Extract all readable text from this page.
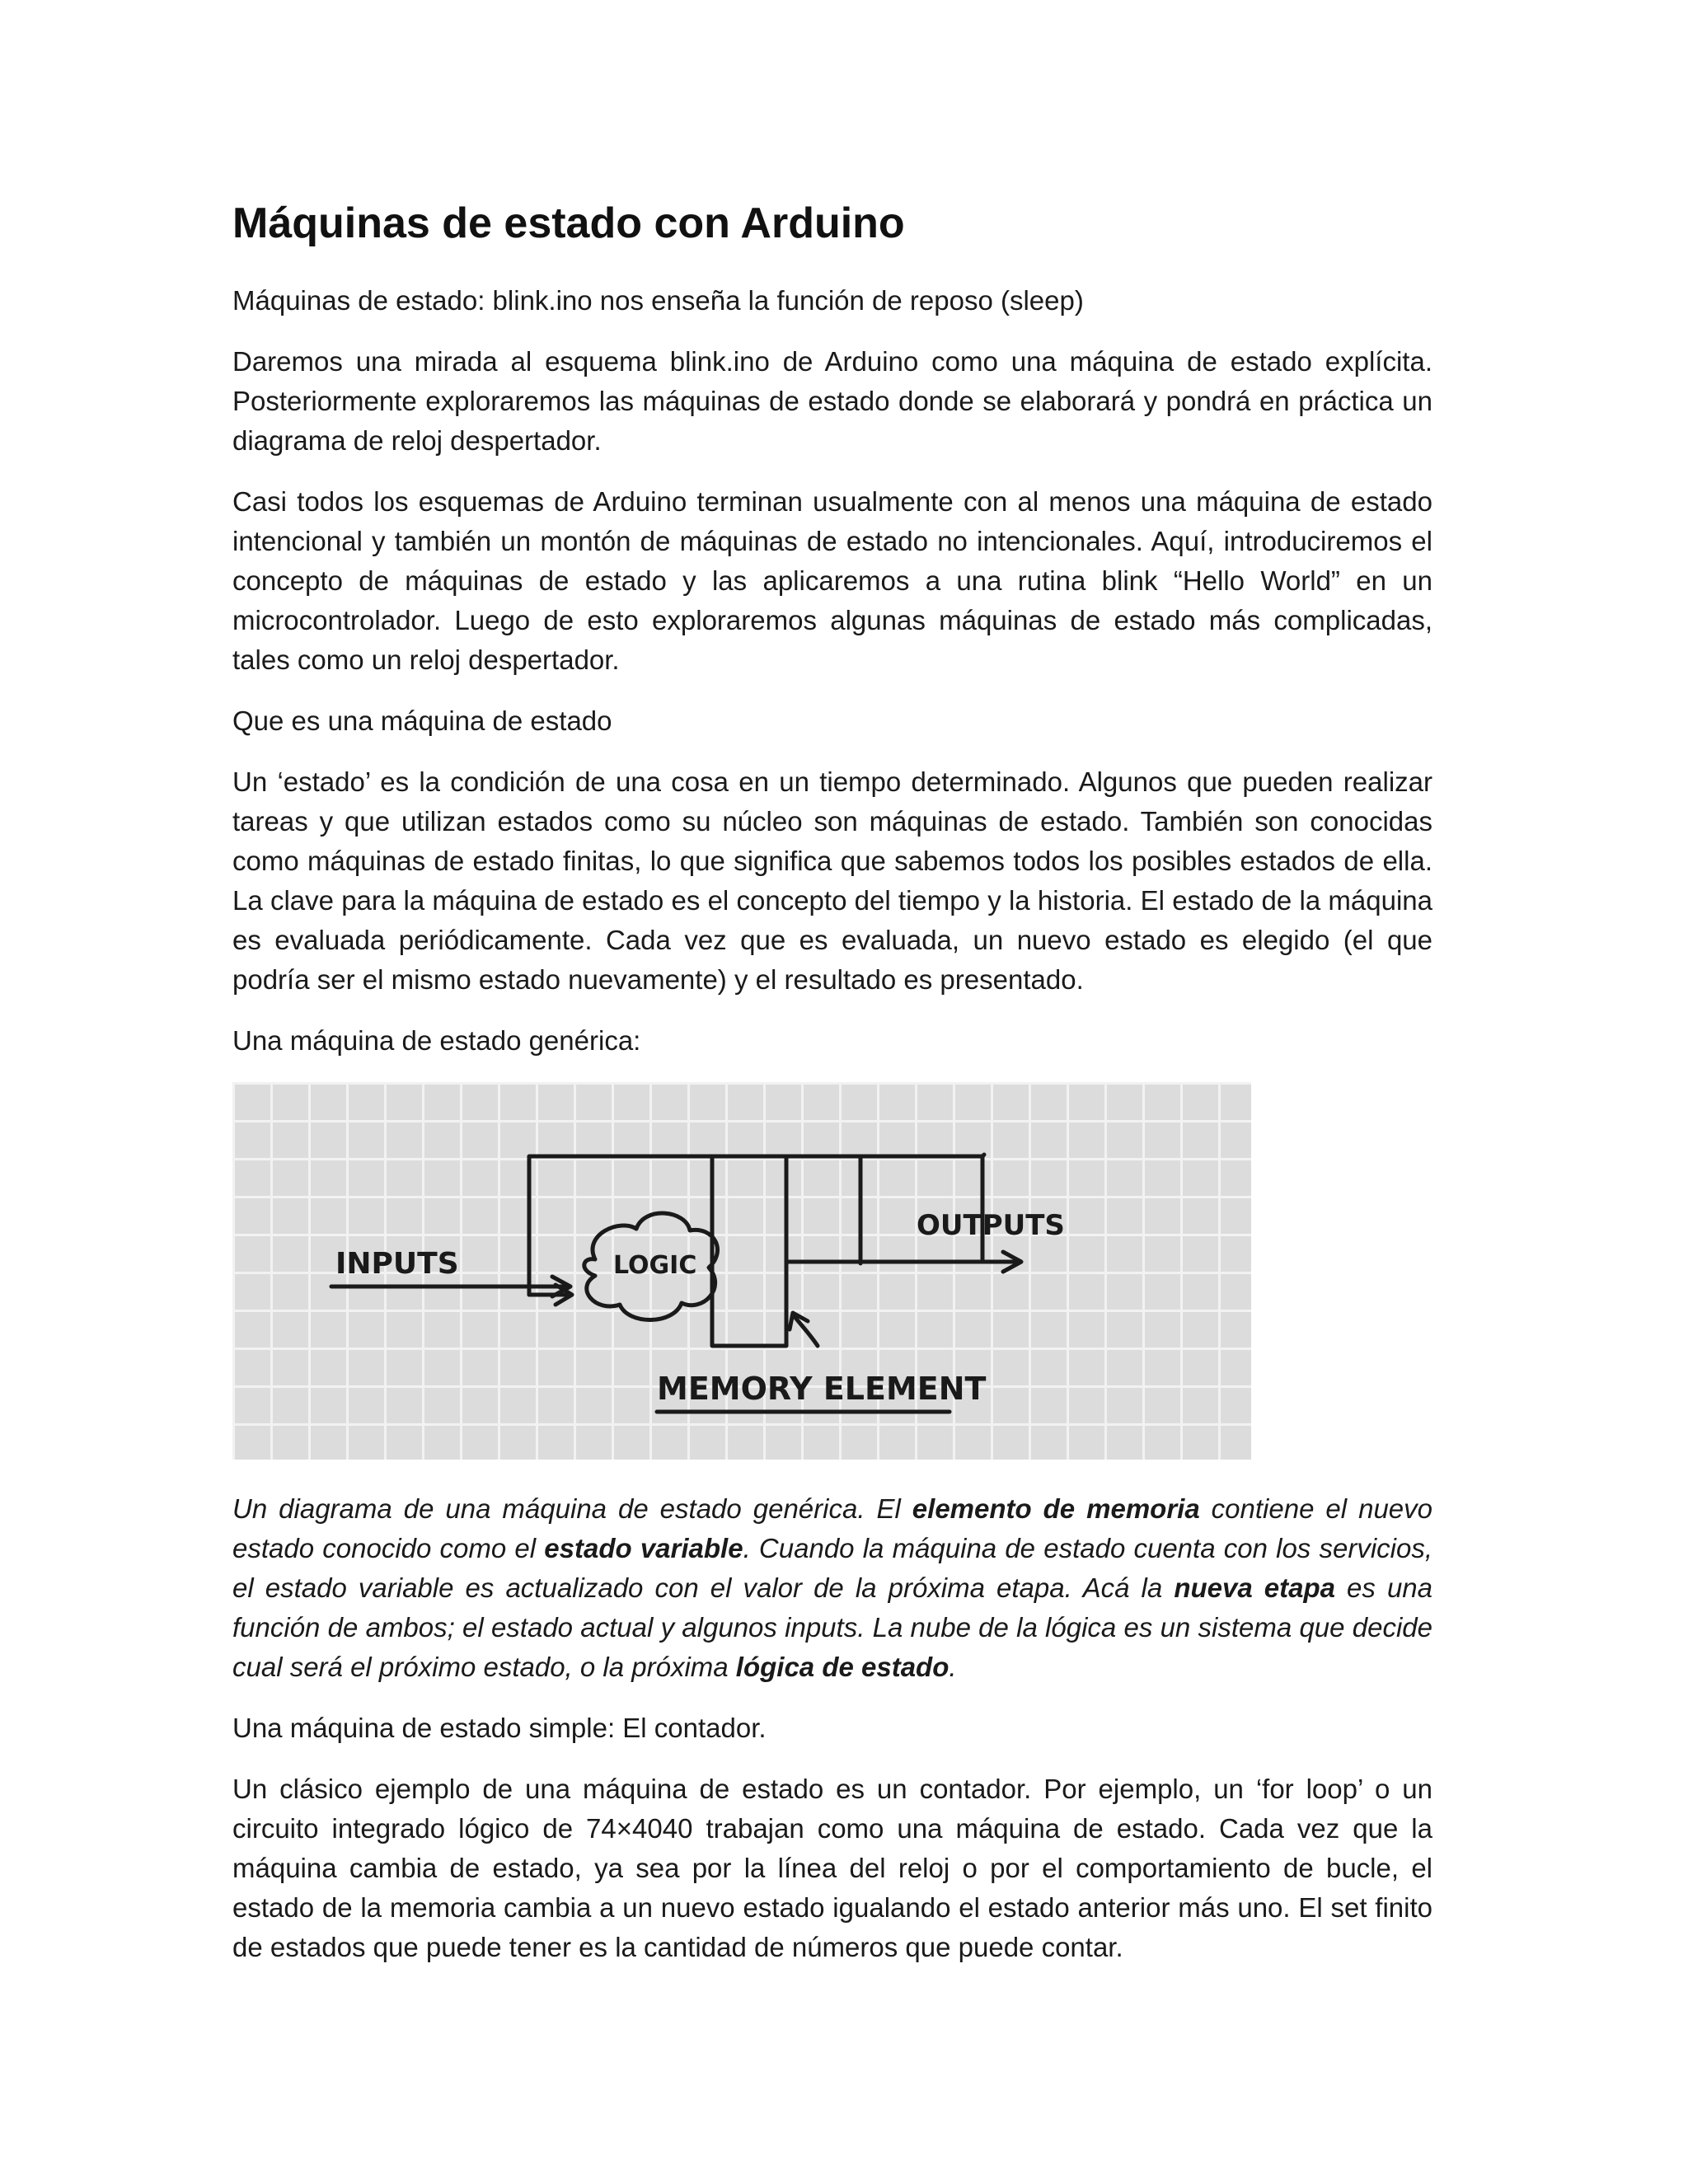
Máquinas de estado con Arduino

Máquinas de estado: blink.ino nos enseña la función de reposo (sleep)

Daremos una mirada al esquema blink.ino de Arduino como una máquina de estado explícita. Posteriormente exploraremos las máquinas de estado donde se elaborará y pondrá en práctica un diagrama de reloj despertador.

Casi todos los esquemas de Arduino terminan usualmente con al menos una máquina de estado intencional y también un montón de máquinas de estado no intencionales. Aquí, introduciremos el concepto de máquinas de estado y las aplicaremos a una rutina blink “Hello World” en un microcontrolador. Luego de esto exploraremos algunas máquinas de estado más complicadas, tales como un reloj despertador.

Que es una máquina de estado

Un ‘estado’ es la condición de una cosa en un tiempo determinado. Algunos que pueden realizar tareas y que utilizan estados como su núcleo son máquinas de estado. También son conocidas como máquinas de estado finitas, lo que significa que sabemos todos los posibles estados de ella. La clave para la máquina de estado es el concepto del tiempo y la historia. El estado de la máquina es evaluada periódicamente. Cada vez que es evaluada, un nuevo estado es elegido (el que podría ser el mismo estado nuevamente) y el resultado es presentado.

Una máquina de estado genérica:

INPUTS	LOGIC
OUTPUTS
MEMORY ELEMENT

Un diagrama de una máquina de estado genérica. El elemento de memoria contiene el nuevo estado conocido como el estado variable. Cuando la máquina de estado cuenta con los servicios, el estado variable es actualizado con el valor de la próxima etapa. Acá la nueva etapa es una función de ambos; el estado actual y algunos inputs. La nube de la lógica es un sistema que decide cual será el próximo estado, o la próxima lógica de estado.

Una máquina de estado simple: El contador.

Un clásico ejemplo de una máquina de estado es un contador. Por ejemplo, un ‘for loop’ o un circuito integrado lógico de 74×4040 trabajan como una máquina de estado. Cada vez que la máquina cambia de estado, ya sea por la línea del reloj o por el comportamiento de bucle, el estado de la memoria cambia a un nuevo estado igualando el estado anterior más uno. El set finito de estados que puede tener es la cantidad de números que puede contar.
